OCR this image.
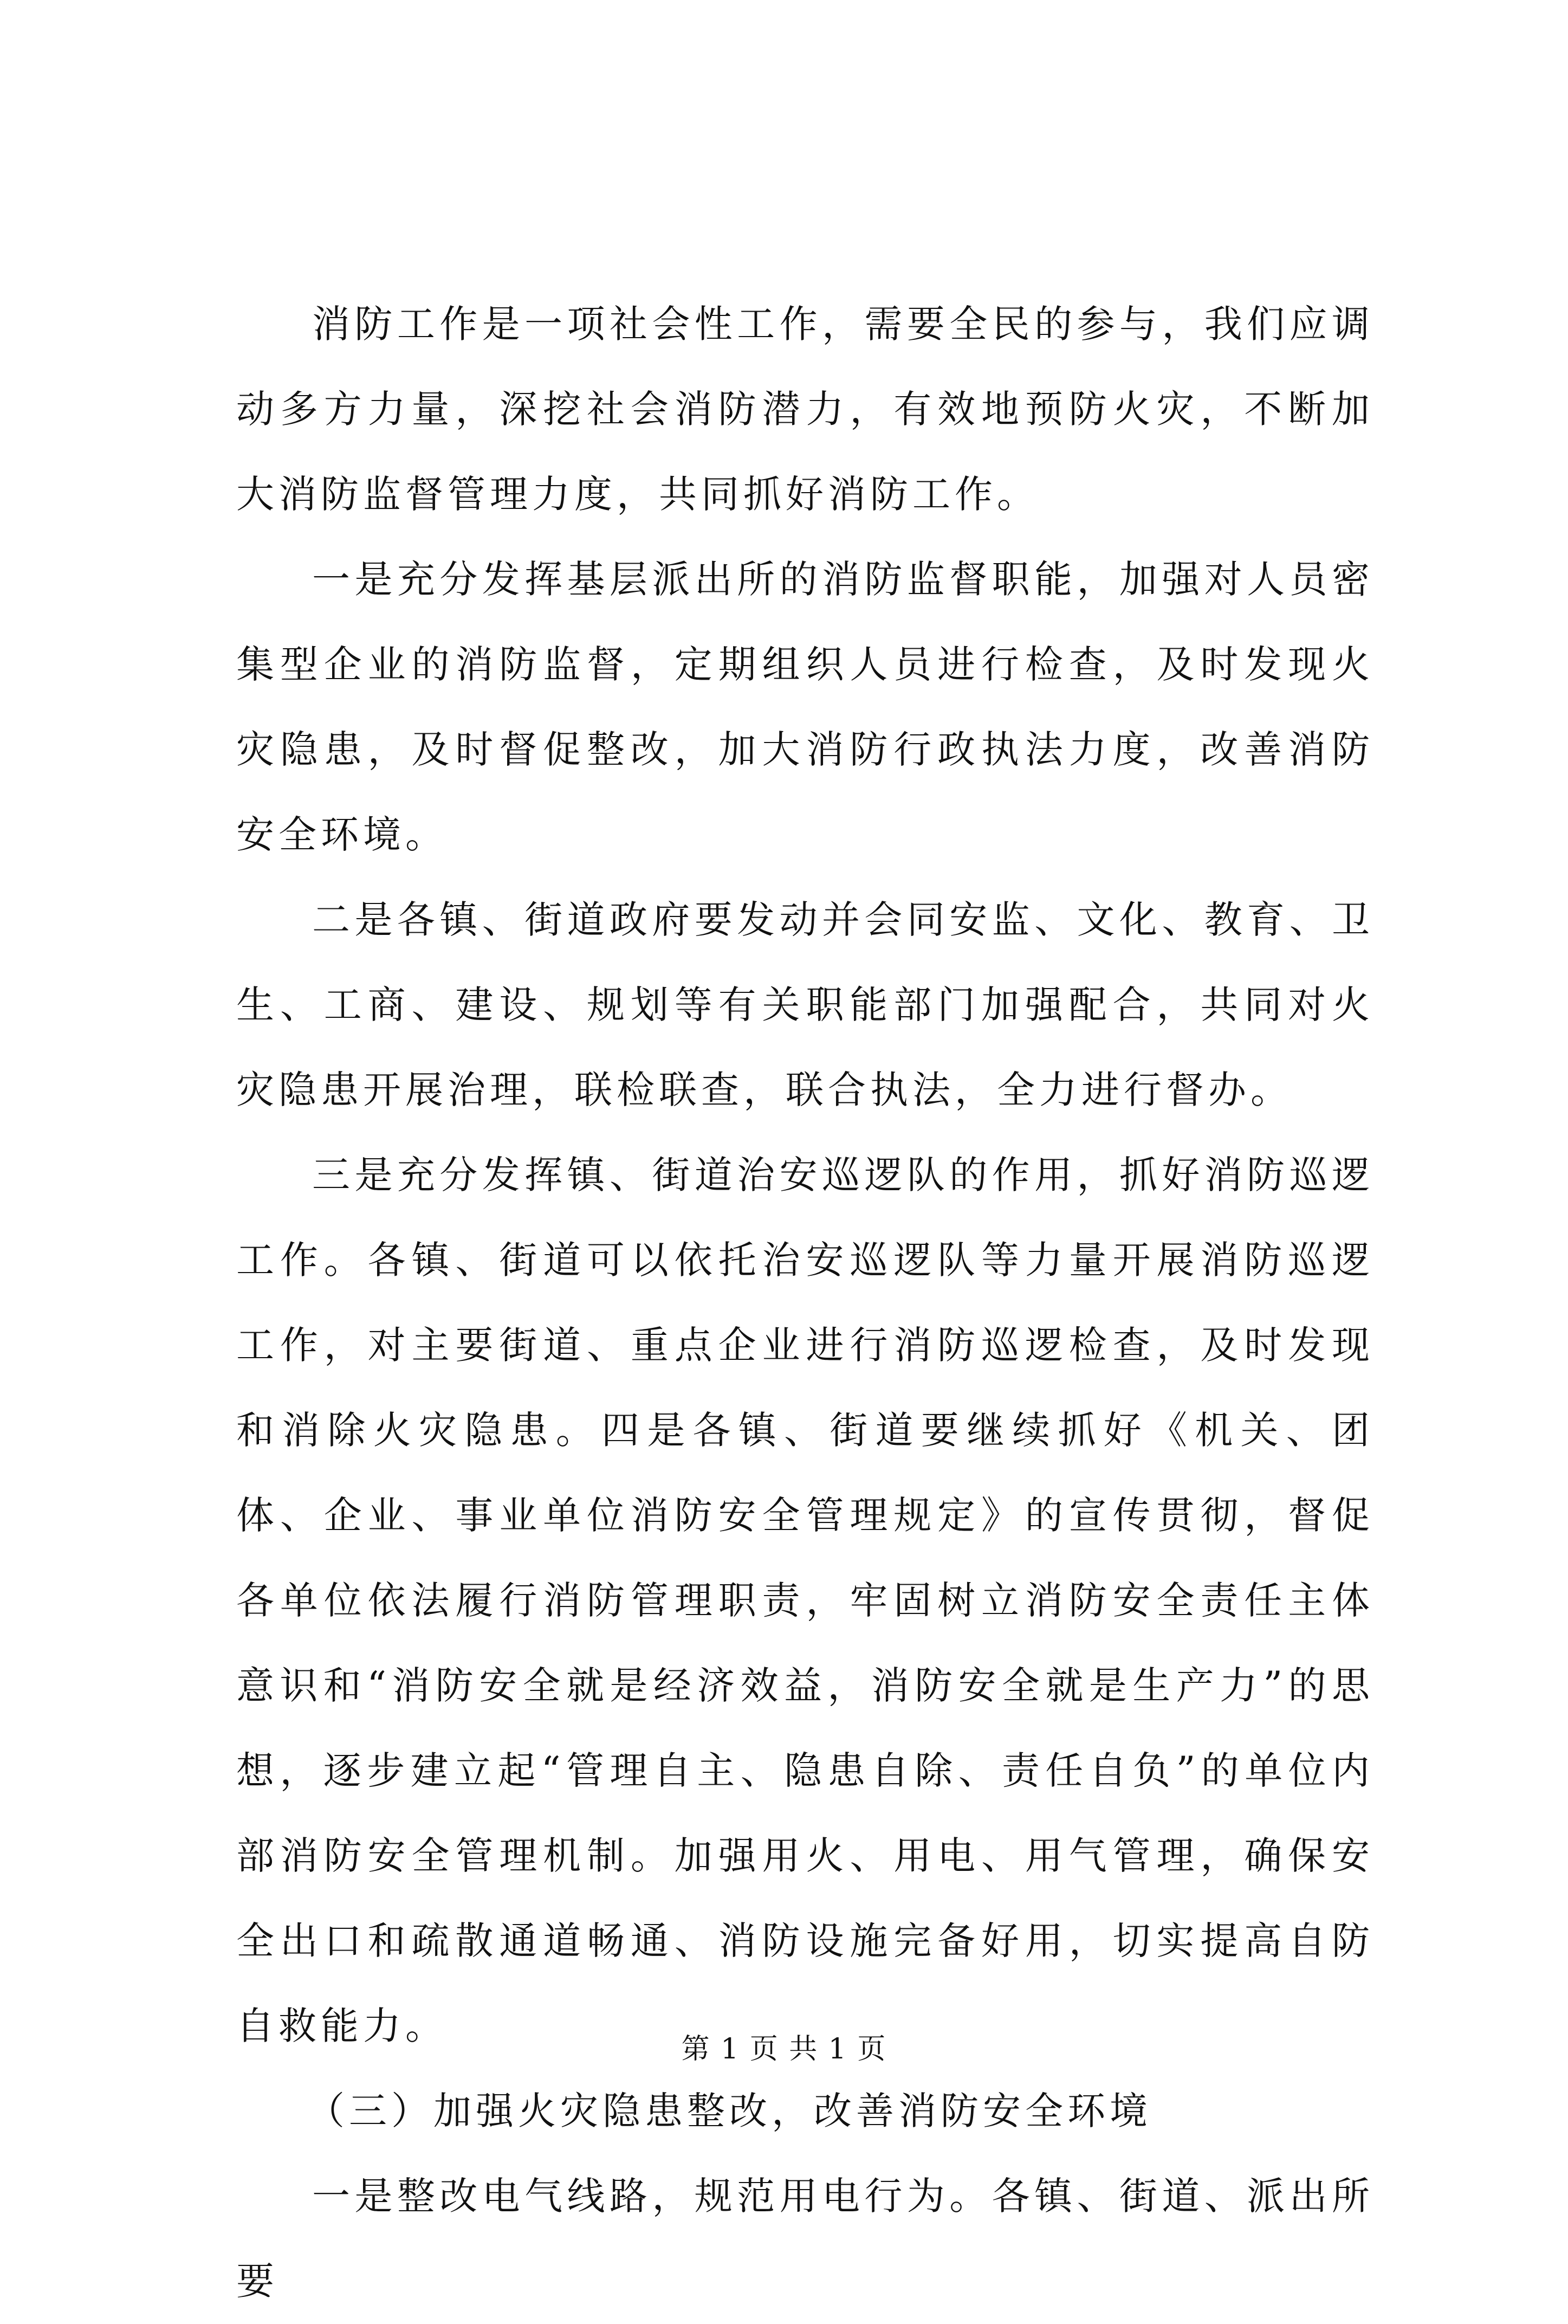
消防工作是一项社会性工作，需要全民的参与，我们应调动多方力量，深挖社会消防潜力，有效地预防火灾，不断加大消防监督管理力度，共同抓好消防工作。

一是充分发挥基层派出所的消防监督职能，加强对人员密集型企业的消防监督，定期组织人员进行检查，及时发现火灾隐患，及时督促整改，加大消防行政执法力度，改善消防安全环境。

二是各镇、街道政府要发动并会同安监、文化、教育、卫生、工商、建设、规划等有关职能部门加强配合，共同对火灾隐患开展治理，联检联查，联合执法，全力进行督办。

三是充分发挥镇、街道治安巡逻队的作用，抓好消防巡逻工作。各镇、街道可以依托治安巡逻队等力量开展消防巡逻工作，对主要街道、重点企业进行消防巡逻检查，及时发现和消除火灾隐患。四是各镇、街道要继续抓好《机关、团体、企业、事业单位消防安全管理规定》的宣传贯彻，督促各单位依法履行消防管理职责，牢固树立消防安全责任主体意识和“消防安全就是经济效益，消防安全就是生产力”的思想，逐步建立起“管理自主、隐患自除、责任自负”的单位内部消防安全管理机制。加强用火、用电、用气管理，确保安全出口和疏散通道畅通、消防设施完备好用，切实提高自防自救能力。

（三）加强火灾隐患整改，改善消防安全环境

一是整改电气线路，规范用电行为。各镇、街道、派出所要

第 1 页 共 1 页
